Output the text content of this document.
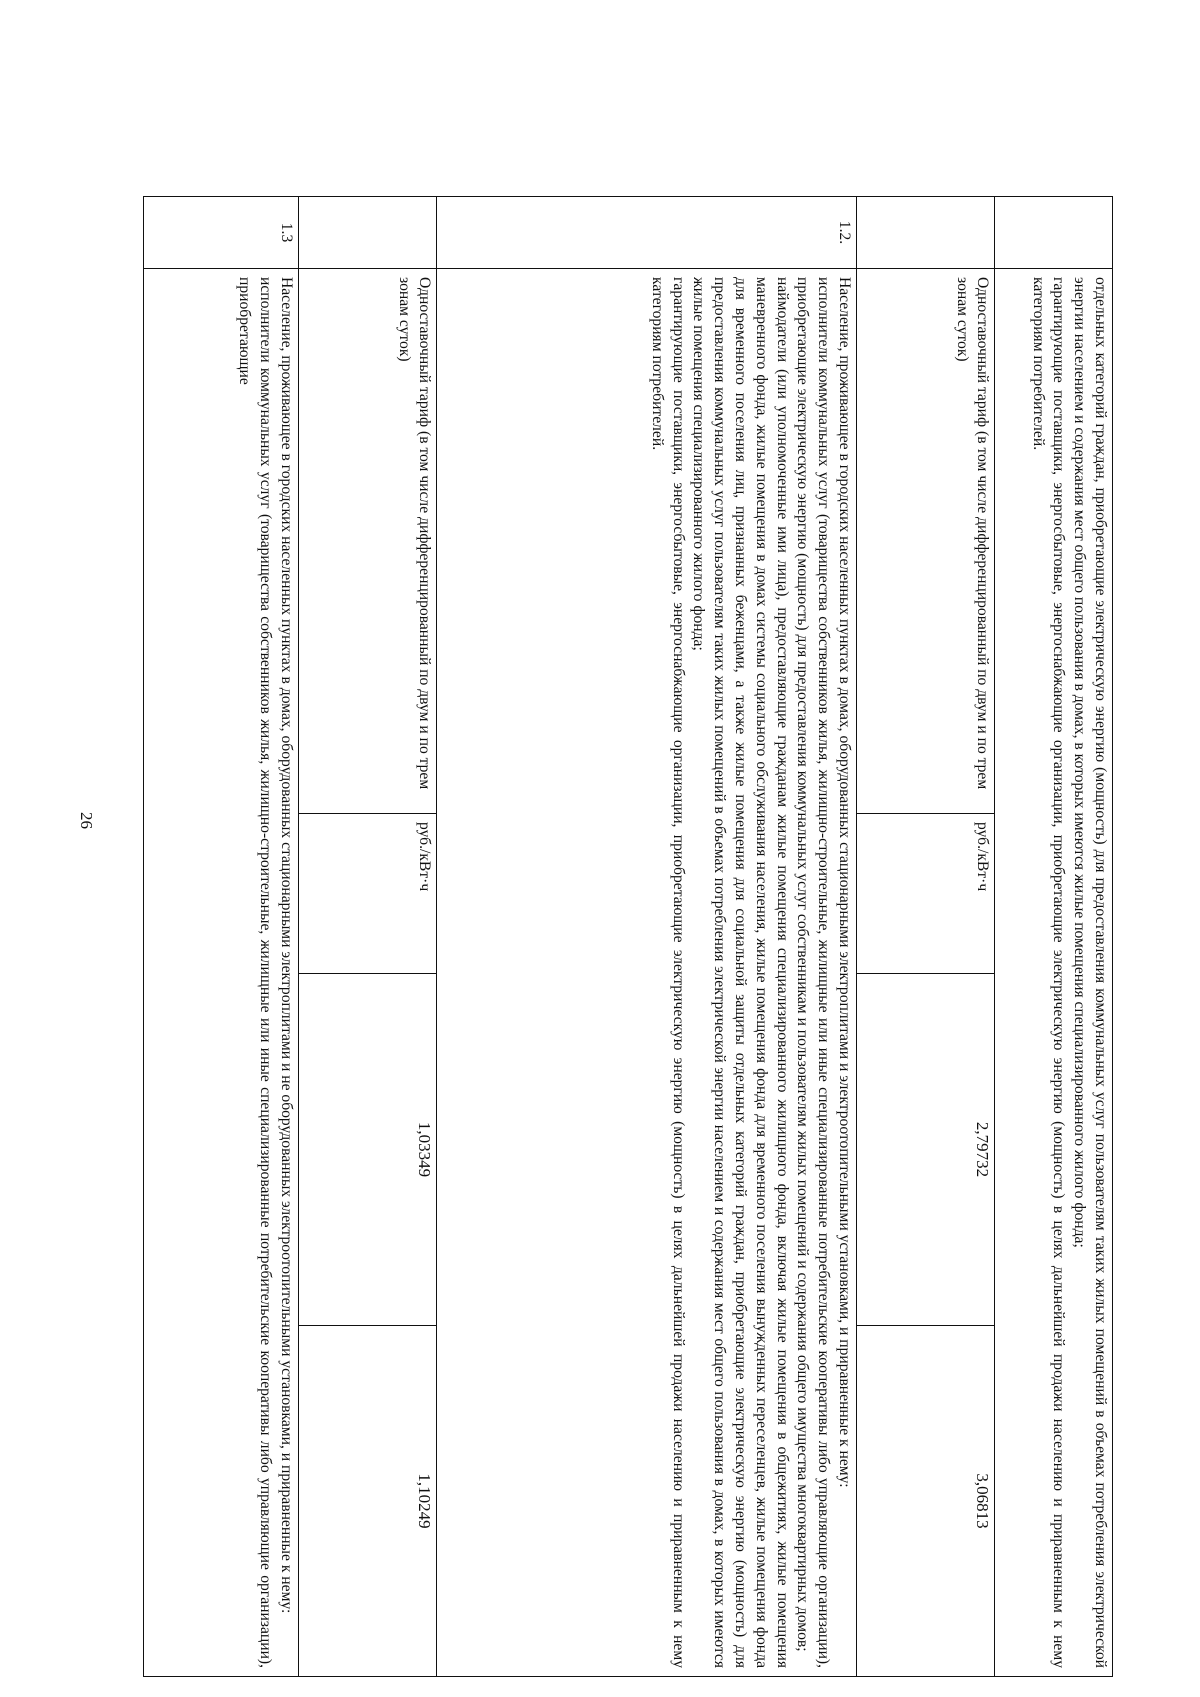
26

	отдельных категорий граждан, приобретающие электрическую энергию (мощность) для предоставления коммунальных услуг пользователям таких жилых помещений в объемах потребления электрической энергии населением и содержания мест общего пользования в домах, в которых имеются жилые помещения специализированного жилого фонда;

гарантирующие поставщики, энергосбытовые, энергоснабжающие организации, приобретающие электрическую энергию (мощность) в целях дальнейшей продажи населению и приравненным к нему категориям потребителей.			

	Одноставочный тариф (в том числе дифференцированный по двум и по трем зонам суток)	руб./кВт·ч	2,79732	3,06813
1.2.	Население, проживающее в городских населенных пунктах в домах, оборудованных стационарными электроплитами и электроотопительными установками, и приравненные к нему:

исполнители коммунальных услуг (товарищества собственников жилья, жилищно-строительные, жилищные или иные специализированные потребительские кооперативы либо управляющие организации), приобретающие электрическую энергию (мощность) для предоставления коммунальных услуг собственникам и пользователям жилых помещений и содержания общего имущества многоквартирных домов;

наймодатели (или уполномоченные ими лица), предоставляющие гражданам жилые помещения специализированного жилищного фонда, включая жилые помещения в общежитиях, жилые помещения маневренного фонда, жилые помещения в домах системы социального обслуживания населения, жилые помещения фонда для временного поселения вынужденных переселенцев, жилые помещения фонда для временного поселения лиц, признанных беженцами, а также жилые помещения для социальной защиты отдельных категорий граждан, приобретающие электрическую энергию (мощность) для предоставления коммунальных услуг пользователям таких жилых помещений в объемах потребления электрической энергии населением и содержания мест общего пользования в домах, в которых имеются жилые помещения специализированного жилого фонда;

гарантирующие поставщики, энергосбытовые, энергоснабжающие организации, приобретающие электрическую энергию (мощность) в целях дальнейшей продажи населению и приравненным к нему категориям потребителей.			

	Одноставочный тариф (в том числе дифференцированный по двум и по трем зонам суток)	руб./кВт·ч	1,03349	1,10249
1.3	Население, проживающее в городских населенных пунктах в домах, оборудованных стационарными электроплитами и не оборудованных электроотопительными установками, и приравненные к нему:

исполнители коммунальных услуг (товарищества собственников жилья, жилищно-строительные, жилищные или иные специализированные потребительские кооперативы либо управляющие организации), приобретающие			
